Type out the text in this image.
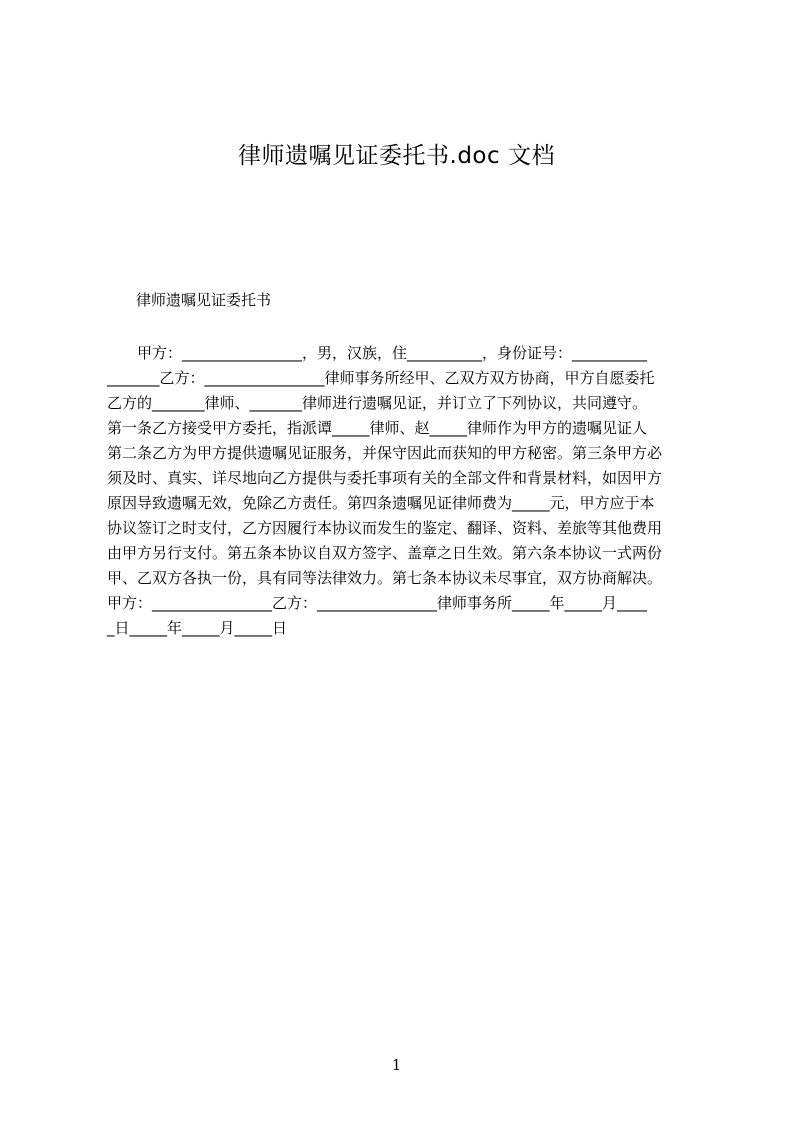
律师遗嘱见证委托书.doc 文档
律师遗嘱见证委托书
甲方：________________，男，汉族，住__________，身份证号：__________
_______乙方：________________律师事务所经甲、乙双方双方协商，甲方自愿委托
乙方的_______律师、_______律师进行遗嘱见证，并订立了下列协议，共同遵守。
第一条乙方接受甲方委托，指派谭_____律师、赵_____律师作为甲方的遗嘱见证人
第二条乙方为甲方提供遗嘱见证服务，并保守因此而获知的甲方秘密。第三条甲方必
须及时、真实、详尽地向乙方提供与委托事项有关的全部文件和背景材料，如因甲方
原因导致遗嘱无效，免除乙方责任。第四条遗嘱见证律师费为_____元，甲方应于本
协议签订之时支付，乙方因履行本协议而发生的鉴定、翻译、资料、差旅等其他费用
由甲方另行支付。第五条本协议自双方签字、盖章之日生效。第六条本协议一式两份
甲、乙双方各执一份，具有同等法律效力。第七条本协议未尽事宜，双方协商解决。
甲方：________________乙方：________________律师事务所_____年_____月____
_日_____年_____月_____日
1
